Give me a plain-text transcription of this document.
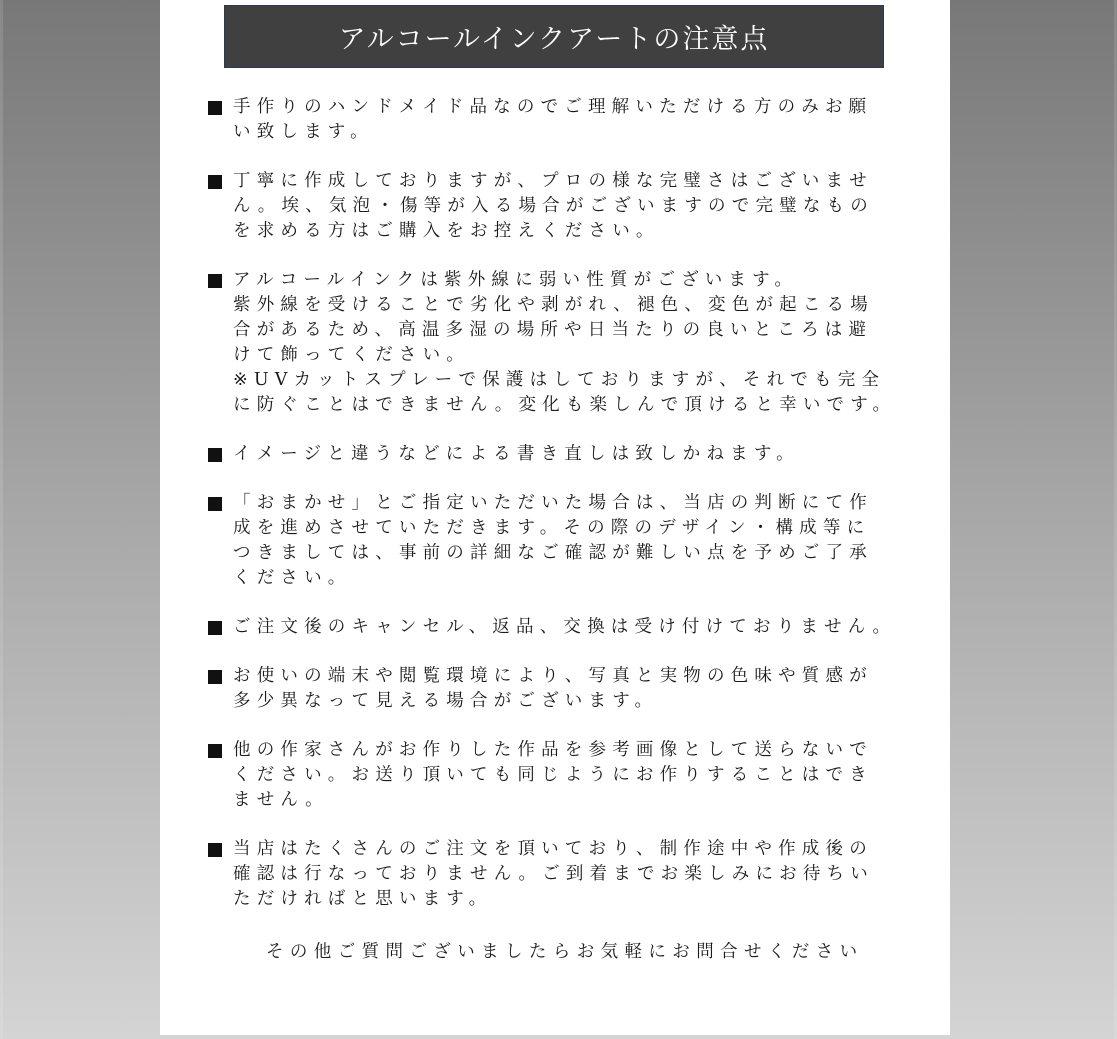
アルコールインクアートの注意点
手作りのハンドメイド品なのでご理解いただける方のみお願
い致します。
丁寧に作成しておりますが、プロの様な完璧さはございませ
ん。埃、気泡・傷等が入る場合がございますので完璧なもの
を求める方はご購入をお控えください。
アルコールインクは紫外線に弱い性質がございます。
紫外線を受けることで劣化や剥がれ、褪色、変色が起こる場
合があるため、高温多湿の場所や日当たりの良いところは避
けて飾ってください。
※UVカットスプレーで保護はしておりますが、それでも完全
に防ぐことはできません。変化も楽しんで頂けると幸いです。
イメージと違うなどによる書き直しは致しかねます。
「おまかせ」とご指定いただいた場合は、当店の判断にて作
成を進めさせていただきます。その際のデザイン・構成等に
つきましては、事前の詳細なご確認が難しい点を予めご了承
ください。
ご注文後のキャンセル、返品、交換は受け付けておりません。
お使いの端末や閲覧環境により、写真と実物の色味や質感が
多少異なって見える場合がございます。
他の作家さんがお作りした作品を参考画像として送らないで
ください。お送り頂いても同じようにお作りすることはでき
ません。
当店はたくさんのご注文を頂いており、制作途中や作成後の
確認は行なっておりません。ご到着までお楽しみにお待ちい
ただければと思います。
その他ご質問ございましたらお気軽にお問合せください
